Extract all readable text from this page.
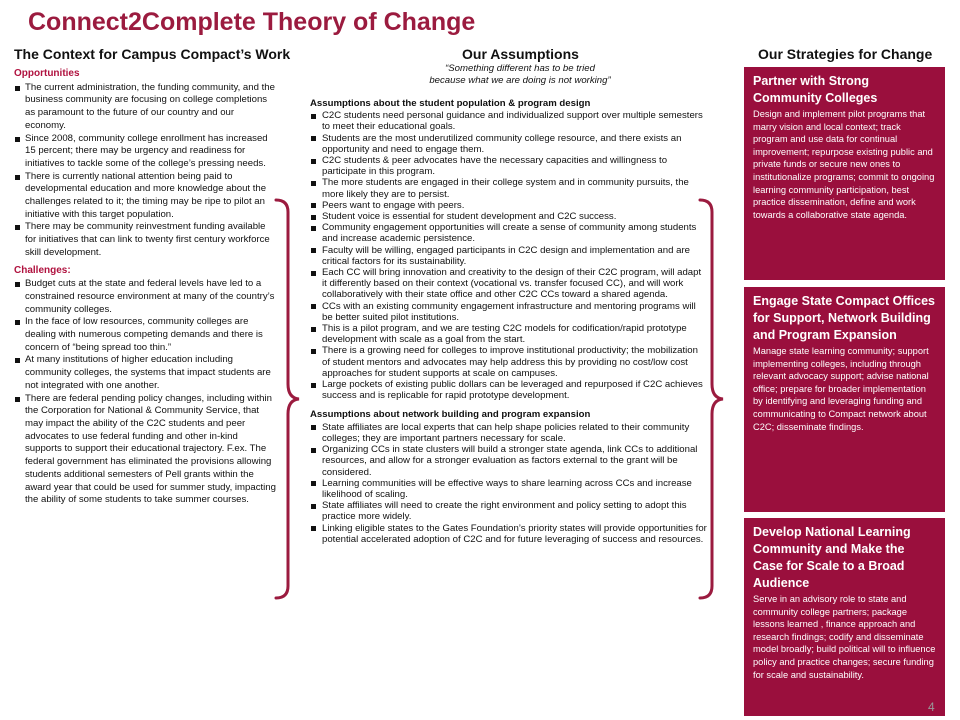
Connect2Complete Theory of Change
The Context for Campus Compact’s Work	Our Assumptions	Our Strategies for Change
“Something different has to be tried
because what we are doing is not working”
Opportunities
The current administration, the funding community, and the business community are focusing on college completions as paramount to the future of our country and our economy.
Since 2008, community college enrollment has increased 15 percent; there may be urgency and readiness for initiatives to tackle some of the college’s pressing needs.
There is currently national attention being paid to developmental education and more knowledge about the challenges related to it; the timing may be ripe to pilot an initiative with this target population.
There may be community reinvestment funding available for initiatives that can link to twenty first century workforce skill development.
Challenges:
Budget cuts at the state and federal levels have led to a constrained resource environment at many of the country’s community colleges.
In the face of low resources, community colleges are dealing with numerous competing demands and there is concern of “being spread too thin.”
At many institutions of higher education including community colleges, the systems that impact students are not integrated with one another.
There are federal pending policy changes, including within the Corporation for National & Community Service, that may impact the ability of the C2C students and peer advocates to use federal funding and other in-kind supports to support their educational trajectory. F.ex. The federal government has eliminated the provisions allowing students additional semesters of Pell grants within the award year that could be used for summer study, impacting the ability of some students to take summer courses.
Assumptions about the student population & program design
C2C students need personal guidance and individualized support over multiple semesters to meet their educational goals.
Students are the most underutilized community college resource, and there exists an opportunity and need to engage them.
C2C students & peer advocates have the necessary capacities and willingness to participate in this program.
The more students are engaged in their college system and in community pursuits, the more likely they are to persist.
Peers want to engage with peers.
Student voice is essential for student development and C2C success.
Community engagement opportunities will create a sense of community among students and increase academic persistence.
Faculty will be willing, engaged participants in C2C design and implementation and are critical factors for its sustainability.
Each CC will bring innovation and creativity to the design of their C2C program, will adapt it differently based on their context (vocational vs. transfer focused CC), and will work collaboratively with their state office and other C2C CCs toward a shared agenda.
CCs with an existing community engagement infrastructure and mentoring programs will be better suited pilot institutions.
This is a pilot program, and we are testing C2C models for codification/rapid prototype development with scale as a goal from the start.
There is a growing need for colleges to improve institutional productivity; the mobilization of student mentors and advocates may help address this by providing no cost/low cost approaches for student supports at scale on campuses.
Large pockets of existing public dollars can be leveraged and repurposed if C2C achieves success and is replicable for rapid prototype development.
Assumptions about network building and program expansion
State affiliates are local experts that can help shape policies related to their community colleges; they are important partners necessary for scale.
Organizing CCs in state clusters will build a stronger state agenda, link CCs to additional resources, and allow for a stronger evaluation as factors external to the grant will be considered.
Learning communities will be effective ways to share learning across CCs and increase likelihood of scaling.
State affiliates will need to create the right environment and policy setting to adopt this practice more widely.
Linking eligible states to the Gates Foundation’s priority states will provide opportunities for potential accelerated adoption of C2C and for future leveraging of success and resources.
Partner with Strong Community Colleges
Design and implement pilot programs that marry vision and local context; track program and use data for continual improvement; repurpose existing public and private funds or secure new ones to institutionalize programs; commit to ongoing learning community participation, best practice dissemination, define and work towards a collaborative state agenda.
Engage State Compact Offices for Support, Network Building and Program Expansion
Manage state learning community; support implementing colleges, including through relevant advocacy support; advise national office; prepare for broader implementation by identifying and leveraging funding and communicating to Compact network about C2C; disseminate findings.
Develop National Learning Community and Make the Case for Scale to a Broad Audience
Serve in an advisory role to state and community college partners; package lessons learned , finance approach and research findings; codify and disseminate model broadly; build political will to influence policy and practice changes; secure funding for scale and sustainability.
4
